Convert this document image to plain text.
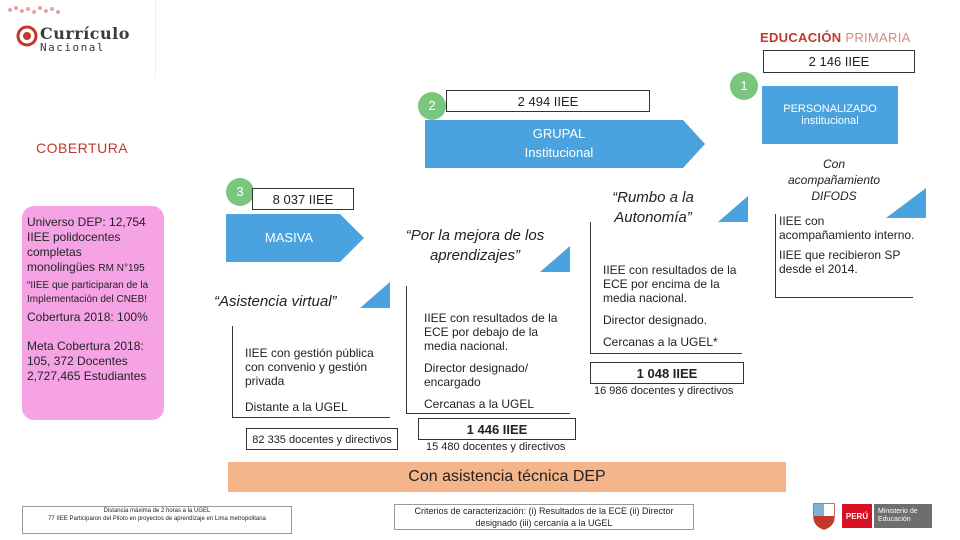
Currículo
Nacional
EDUCACIÓN PRIMARIA
2 146 IIEE
1
PERSONALIZADO
institucional
Con acompañamiento DIFODS
IIEE con acompañamiento interno.
IIEE que recibieron SP desde el 2014.
2	2 494 IIEE
GRUPAL
Institucional
COBERTURA
Universo DEP: 12,754 IIEE polidocentes completas monolingües RM N°195
“IIEE que participaran de la Implementación del CNEB!
Cobertura 2018: 100%
Meta Cobertura 2018: 105, 372 Docentes 2,727,465 Estudiantes
3
8 037 IIEE
MASIVA
“Asistencia virtual”
IIEE con gestión pública con convenio y gestión privada
Distante a la UGEL
82 335 docentes y directivos
“Por la mejora de los aprendizajes”
IIEE con resultados de la ECE por debajo de la media nacional.
Director designado/ encargado
Cercanas a la UGEL
1 446 IIEE
15 480 docentes y directivos
“Rumbo a la Autonomía”
IIEE con resultados de la ECE por encima de la media nacional.
Director designado.
Cercanas a la UGEL*
1 048 IIEE
16 986 docentes y directivos
Con asistencia técnica DEP
Distancia máxima de 2 horas a la UGEL
77 IIEE Participaron del Piloto en proyectos de aprendizaje en Lima metropolitana
Criterios de caracterización: (i) Resultados de la ECE (ii) Director designado (iii) cercanía a la UGEL
PERÚ Ministerio de Educación
